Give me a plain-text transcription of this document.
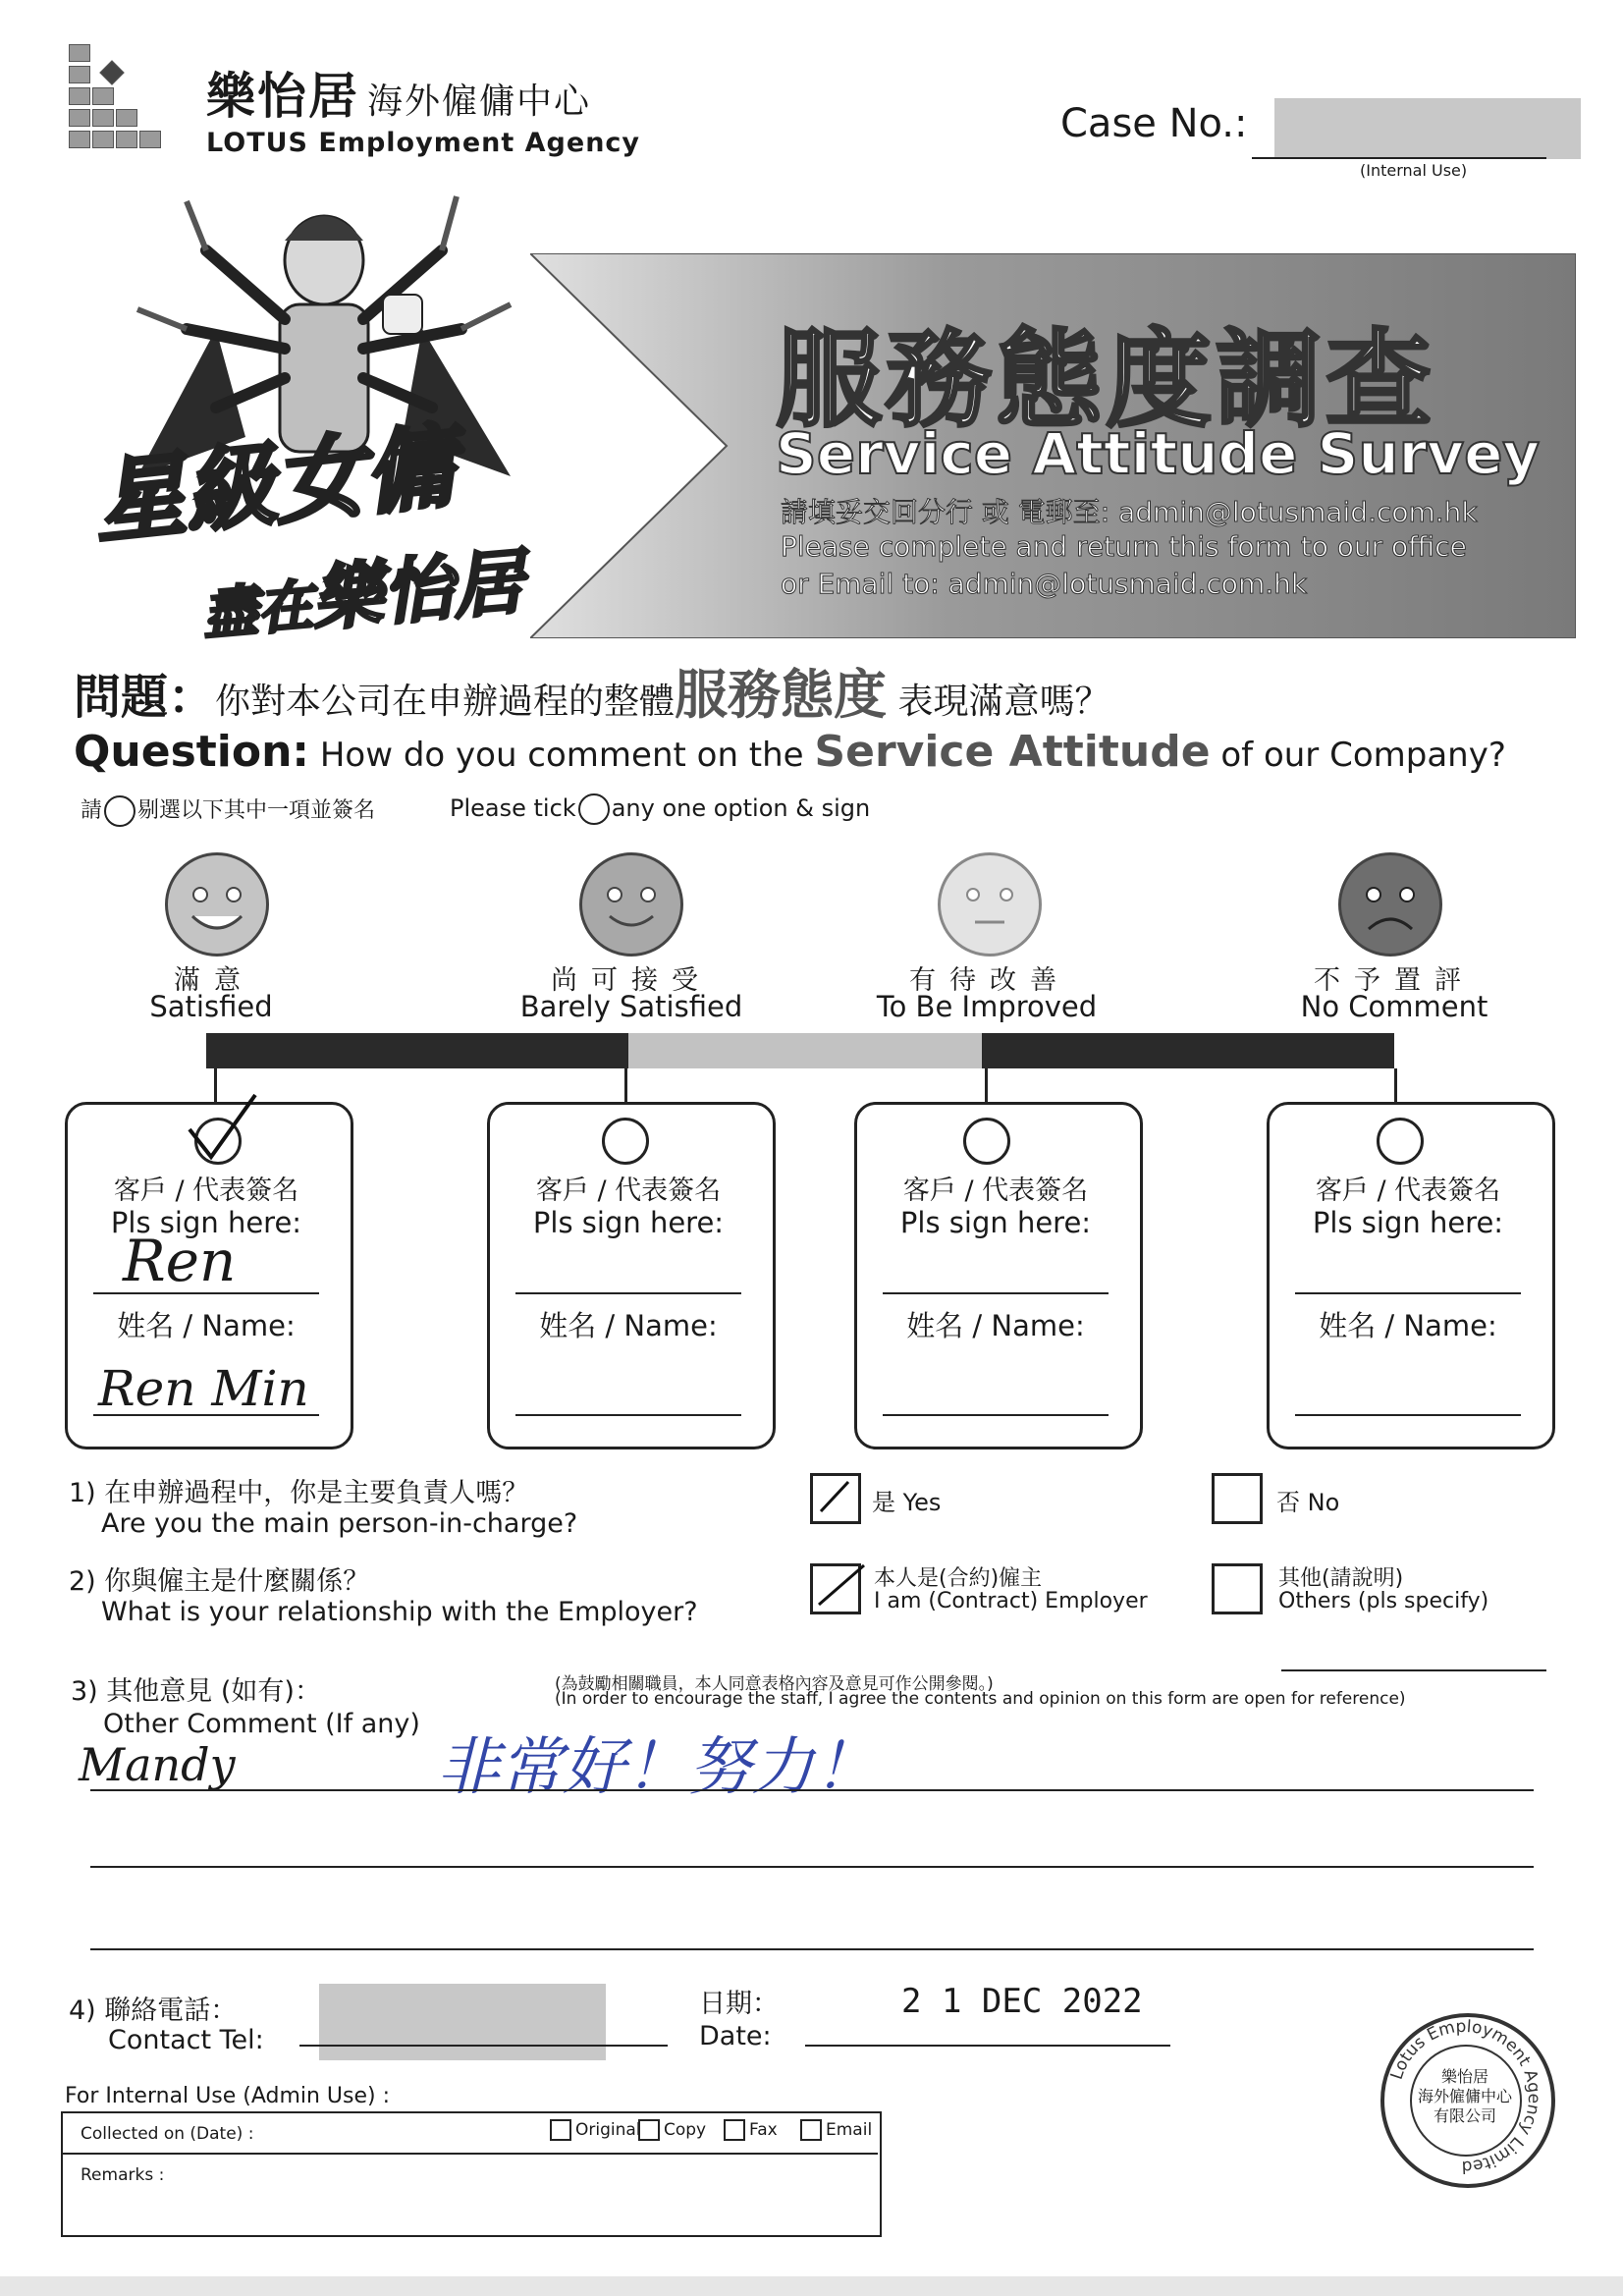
樂怡居 海外僱傭中心
LOTUS Employment Agency	Case No.:
(Internal Use)
服務態度調查
Service Attitude Survey
請填妥交回分行 或 電郵至: admin@lotusmaid.com.hk
Please complete and return this form to our office
or Email to: admin@lotusmaid.com.hk
星級女傭
盡在樂怡居
問題：你對本公司在申辦過程的整體服務態度 表現滿意嗎？
Question: How do you comment on the Service Attitude of our Company?
請 剔選以下其中一項並簽名	Please tick any one option & sign
滿意
Satisfied
尚可接受
Barely Satisfied
有待改善
To Be Improved
不予置評
No Comment
客戶 / 代表簽名
Pls sign here:
Ren
姓名 / Name:
Ren Min
客戶 / 代表簽名
Pls sign here:
姓名 / Name:
客戶 / 代表簽名
Pls sign here:
姓名 / Name:
客戶 / 代表簽名
Pls sign here:
姓名 / Name:
1) 在申辦過程中，你是主要負責人嗎？
Are you the main person-in-charge?
是 Yes	否 No
2) 你與僱主是什麼關係？
What is your relationship with the Employer?
本人是(合約)僱主
I am (Contract) Employer
其他(請說明)
Others (pls specify)
3) 其他意見 (如有)：
Other Comment (If any)
(為鼓勵相關職員，本人同意表格內容及意見可作公開參閱。)
(In order to encourage the staff, I agree the contents and opinion on this form are open for reference)
Mandy	非常好！努力！
4) 聯絡電話：
Contact Tel:
日期：
Date:
2 1 DEC 2022
For Internal Use (Admin Use) :
Collected on (Date) :	Original	Copy	Fax	Email
Remarks :
Lotus Employment Agency Limited
樂怡居
海外僱傭中心
有限公司
